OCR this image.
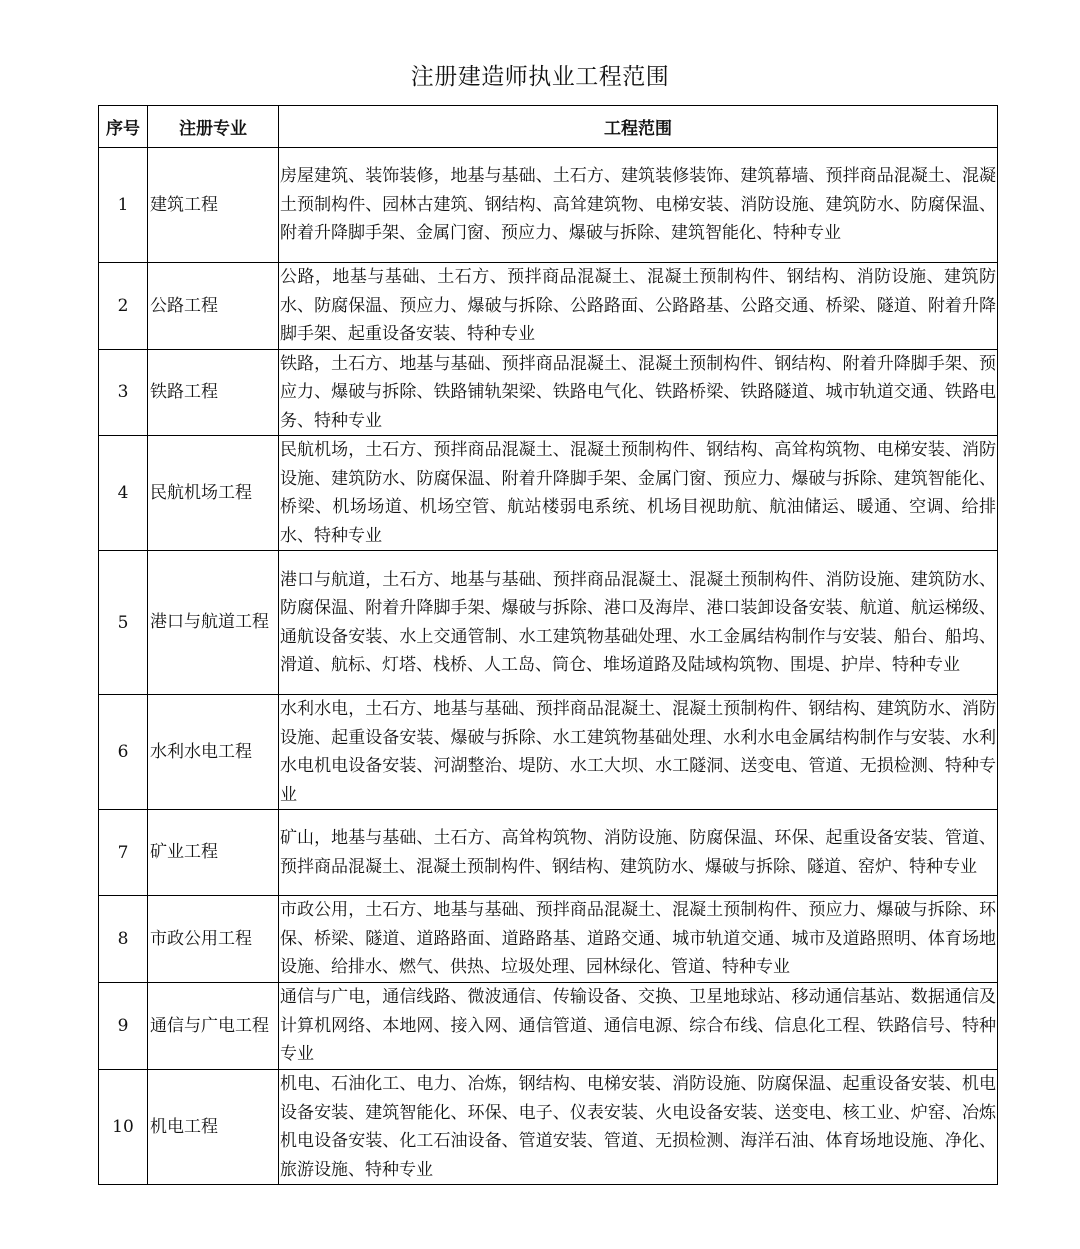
注册建造师执业工程范围
序号	注册专业	工程范围
1	建筑工程	房屋建筑、装饰装修，地基与基础、土石方、建筑装修装饰、建筑幕墙、预拌商品混凝土、混凝土预制构件、园林古建筑、钢结构、高耸建筑物、电梯安装、消防设施、建筑防水、防腐保温、附着升降脚手架、金属门窗、预应力、爆破与拆除、建筑智能化、特种专业
2	公路工程	公路，地基与基础、土石方、预拌商品混凝土、混凝土预制构件、钢结构、消防设施、建筑防水、防腐保温、预应力、爆破与拆除、公路路面、公路路基、公路交通、桥梁、隧道、附着升降脚手架、起重设备安装、特种专业
3	铁路工程	铁路，土石方、地基与基础、预拌商品混凝土、混凝土预制构件、钢结构、附着升降脚手架、预应力、爆破与拆除、铁路铺轨架梁、铁路电气化、铁路桥梁、铁路隧道、城市轨道交通、铁路电务、特种专业
4	民航机场工程	民航机场，土石方、预拌商品混凝土、混凝土预制构件、钢结构、高耸构筑物、电梯安装、消防设施、建筑防水、防腐保温、附着升降脚手架、金属门窗、预应力、爆破与拆除、建筑智能化、桥梁、机场场道、机场空管、航站楼弱电系统、机场目视助航、航油储运、暖通、空调、给排水、特种专业
5	港口与航道工程	港口与航道，土石方、地基与基础、预拌商品混凝土、混凝土预制构件、消防设施、建筑防水、防腐保温、附着升降脚手架、爆破与拆除、港口及海岸、港口装卸设备安装、航道、航运梯级、通航设备安装、水上交通管制、水工建筑物基础处理、水工金属结构制作与安装、船台、船坞、滑道、航标、灯塔、栈桥、人工岛、筒仓、堆场道路及陆域构筑物、围堤、护岸、特种专业
6	水利水电工程	水利水电，土石方、地基与基础、预拌商品混凝土、混凝土预制构件、钢结构、建筑防水、消防设施、起重设备安装、爆破与拆除、水工建筑物基础处理、水利水电金属结构制作与安装、水利水电机电设备安装、河湖整治、堤防、水工大坝、水工隧洞、送变电、管道、无损检测、特种专业
7	矿业工程	矿山，地基与基础、土石方、高耸构筑物、消防设施、防腐保温、环保、起重设备安装、管道、预拌商品混凝土、混凝土预制构件、钢结构、建筑防水、爆破与拆除、隧道、窑炉、特种专业
8	市政公用工程	市政公用，土石方、地基与基础、预拌商品混凝土、混凝土预制构件、预应力、爆破与拆除、环保、桥梁、隧道、道路路面、道路路基、道路交通、城市轨道交通、城市及道路照明、体育场地设施、给排水、燃气、供热、垃圾处理、园林绿化、管道、特种专业
9	通信与广电工程	通信与广电，通信线路、微波通信、传输设备、交换、卫星地球站、移动通信基站、数据通信及计算机网络、本地网、接入网、通信管道、通信电源、综合布线、信息化工程、铁路信号、特种专业
10	机电工程	机电、石油化工、电力、冶炼，钢结构、电梯安装、消防设施、防腐保温、起重设备安装、机电设备安装、建筑智能化、环保、电子、仪表安装、火电设备安装、送变电、核工业、炉窑、冶炼机电设备安装、化工石油设备、管道安装、管道、无损检测、海洋石油、体育场地设施、净化、旅游设施、特种专业
